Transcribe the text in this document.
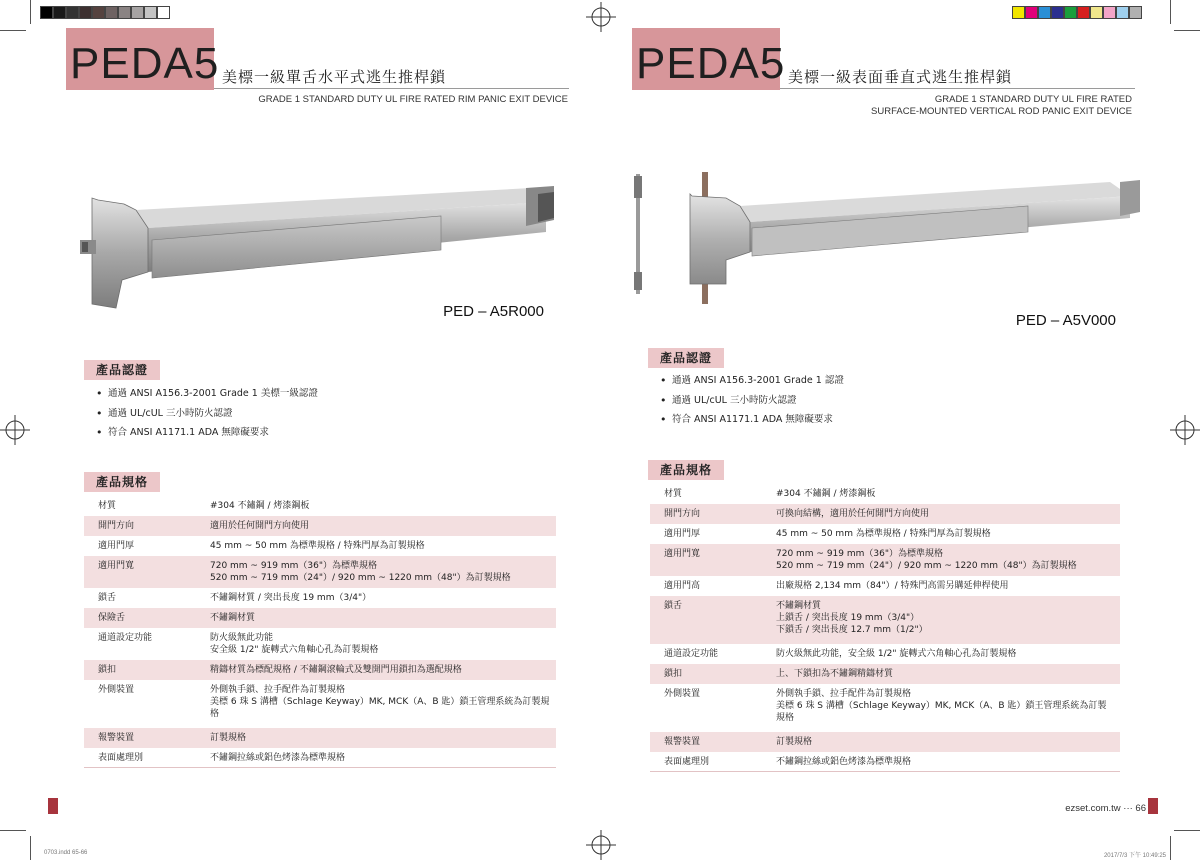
PEDA5 美標一級單舌水平式逃生推桿鎖
GRADE 1 STANDARD DUTY UL FIRE RATED RIM PANIC EXIT DEVICE
PED – A5R000
產品認證
• 通過 ANSI A156.3-2001 Grade 1 美標一級認證
• 通過 UL/cUL 三小時防火認證
• 符合 ANSI A1171.1 ADA 無障礙要求
產品規格
材質	#304 不鏽鋼 / 烤漆鋼板
開門方向	適用於任何開門方向使用
適用門厚	45 mm ~ 50 mm 為標準規格 / 特殊門厚為訂製規格
適用門寬	720 mm ~ 919 mm（36"）為標準規格
520 mm ~ 719 mm（24"）/ 920 mm ~ 1220 mm（48"）為訂製規格
鎖舌	不鏽鋼材質 / 突出長度 19 mm（3/4"）
保險舌	不鏽鋼材質
通道設定功能	防火級無此功能
安全級 1/2" 旋轉式六角軸心孔為訂製規格
鎖扣	精鑄材質為標配規格 / 不鏽鋼滾輪式及雙開門用鎖扣為選配規格
外側裝置	外側執手鎖、拉手配件為訂製規格
美標 6 珠 S 溝槽（Schlage Keyway）MK, MCK（A、B 匙）鎖王管理系統為訂製規格
報警裝置	訂製規格
表面處理別	不鏽鋼拉絲或鋁色烤漆為標準規格
0703.indd 65-66
PEDA5 美標一級表面垂直式逃生推桿鎖
GRADE 1 STANDARD DUTY UL FIRE RATED
SURFACE-MOUNTED VERTICAL ROD PANIC EXIT DEVICE
PED – A5V000
產品認證
• 通過 ANSI A156.3-2001 Grade 1 認證
• 通過 UL/cUL 三小時防火認證
• 符合 ANSI A1171.1 ADA 無障礙要求
產品規格
材質	#304 不鏽鋼 / 烤漆鋼板
開門方向	可換向結構，適用於任何開門方向使用
適用門厚	45 mm ~ 50 mm 為標準規格 / 特殊門厚為訂製規格
適用門寬	720 mm ~ 919 mm（36"）為標準規格
520 mm ~ 719 mm（24"）/ 920 mm ~ 1220 mm（48"）為訂製規格
適用門高	出廠規格 2,134 mm（84"）/ 特殊門高需另購延伸桿使用
鎖舌	不鏽鋼材質
上鎖舌 / 突出長度 19 mm（3/4"）
下鎖舌 / 突出長度 12.7 mm（1/2"）
通道設定功能	防火級無此功能，安全級 1/2" 旋轉式六角軸心孔為訂製規格
鎖扣	上、下鎖扣為不鏽鋼精鑄材質
外側裝置	外側執手鎖、拉手配件為訂製規格
美標 6 珠 S 溝槽（Schlage Keyway）MK, MCK（A、B 匙）鎖王管理系統為訂製規格
報警裝置	訂製規格
表面處理別	不鏽鋼拉絲或鋁色烤漆為標準規格
ezset.com.tw ··· 66
2017/7/3 下午 10:49:25
